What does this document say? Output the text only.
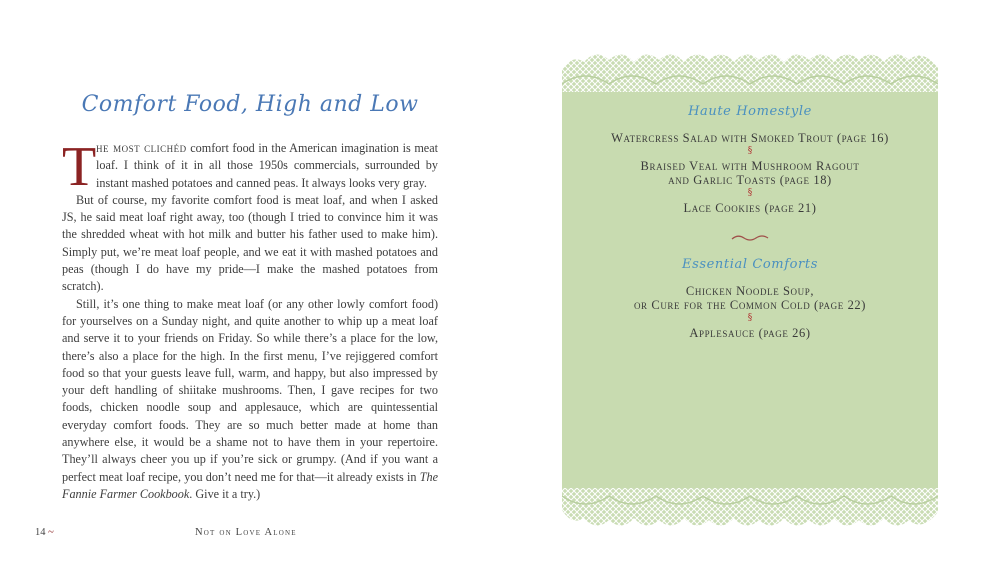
Comfort Food, High and Low

The most clichéd comfort food in the American imagination is meat loaf. I think of it in all those 1950s commercials, surrounded by instant mashed potatoes and canned peas. It always looks very gray.

But of course, my favorite comfort food is meat loaf, and when I asked JS, he said meat loaf right away, too (though I tried to convince him it was the shredded wheat with hot milk and butter his father used to make him). Simply put, we’re meat loaf people, and we eat it with mashed potatoes and peas (though I do have my pride—I make the mashed potatoes from scratch).

Still, it’s one thing to make meat loaf (or any other lowly comfort food) for yourselves on a Sunday night, and quite another to whip up a meat loaf and serve it to your friends on Friday. So while there’s a place for the low, there’s also a place for the high. In the first menu, I’ve rejiggered comfort food so that your guests leave full, warm, and happy, but also impressed by your deft handling of shiitake mushrooms. Then, I gave recipes for two foods, chicken noodle soup and applesauce, which are quintessential everyday comfort foods. They are so much better made at home than anywhere else, it would be a shame not to have them in your repertoire. They’ll always cheer you up if you’re sick or grumpy. (And if you want a perfect meat loaf recipe, you don’t need me for that—it already exists in The Fannie Farmer Cookbook. Give it a try.)

14 ~	Not on Love Alone

Haute Homestyle

Watercress Salad with Smoked Trout (page 16)

§

Braised Veal with Mushroom Ragout

and Garlic Toasts (page 18)

§

Lace Cookies (page 21)

Essential Comforts

Chicken Noodle Soup,

or Cure for the Common Cold (page 22)

§

Applesauce (page 26)
